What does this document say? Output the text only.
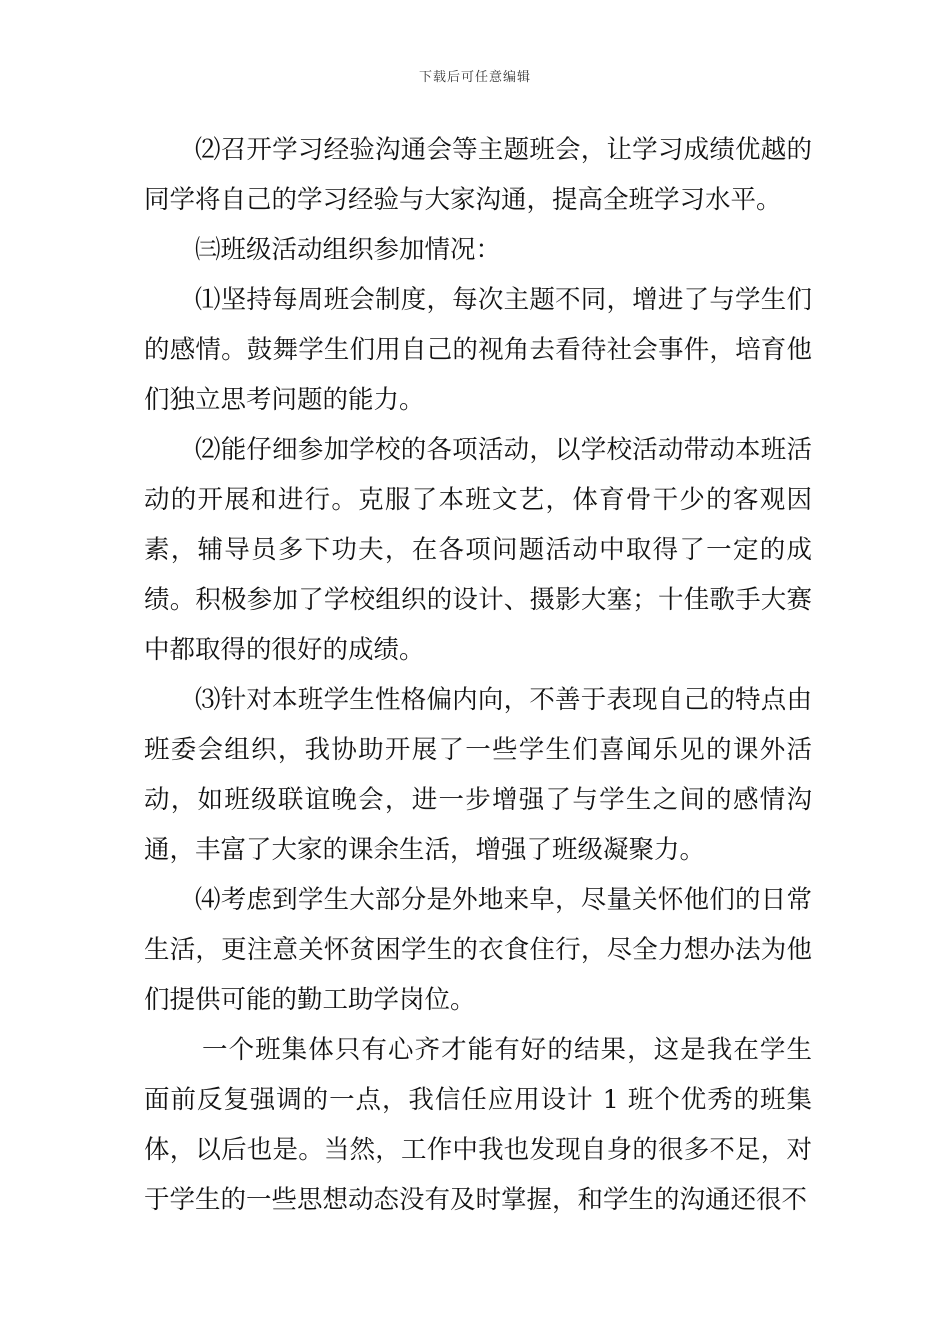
下载后可任意编辑

⑵召开学习经验沟通会等主题班会，让学习成绩优越的同学将自己的学习经验与大家沟通，提高全班学习水平。

㈢班级活动组织参加情况：

⑴坚持每周班会制度，每次主题不同，增进了与学生们的感情。鼓舞学生们用自己的视角去看待社会事件，培育他们独立思考问题的能力。

⑵能仔细参加学校的各项活动，以学校活动带动本班活动的开展和进行。克服了本班文艺，体育骨干少的客观因素，辅导员多下功夫，在各项问题活动中取得了一定的成绩。积极参加了学校组织的设计、摄影大塞；十佳歌手大赛中都取得的很好的成绩。

⑶针对本班学生性格偏内向，不善于表现自己的特点由班委会组织，我协助开展了一些学生们喜闻乐见的课外活动，如班级联谊晚会，进一步增强了与学生之间的感情沟通，丰富了大家的课余生活，增强了班级凝聚力。

⑷考虑到学生大部分是外地来皁，尽量关怀他们的日常生活，更注意关怀贫困学生的衣食住行，尽全力想办法为他们提供可能的勤工助学岗位。

一个班集体只有心齐才能有好的结果，这是我在学生面前反复强调的一点，我信任应用设计 1 班个优秀的班集体，以后也是。当然，工作中我也发现自身的很多不足，对于学生的一些思想动态没有及时掌握，和学生的沟通还很不
